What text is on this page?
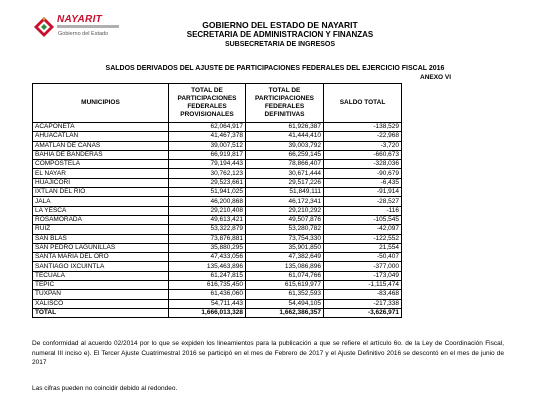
NAYARIT
Gobierno del Estado
GOBIERNO DEL ESTADO DE NAYARIT
SECRETARIA DE ADMINISTRACION Y FINANZAS
SUBSECRETARIA DE INGRESOS
SALDOS DERIVADOS DEL AJUSTE DE PARTICIPACIONES FEDERALES DEL EJERCICIO FISCAL 2016
ANEXO VI
MUNICIPIOS	TOTAL DE PARTICIPACIONES FEDERALES PROVISIONALES	TOTAL DE PARTICIPACIONES FEDERALES DEFINITIVAS	SALDO TOTAL
ACAPONETA	62,064,917	61,926,387	-138,529
AHUACATLAN	41,467,378	41,444,410	-22,968
AMATLAN DE CAÑAS	39,007,512	39,003,792	-3,720
BAHIA DE BANDERAS	66,919,817	66,259,145	-660,673
COMPOSTELA	79,194,443	78,866,407	-328,036
EL NAYAR	30,762,123	30,671,444	-90,679
HUAJICORI	29,523,661	29,517,226	-6,435
IXTLAN DEL RIO	51,941,025	51,849,111	-91,914
JALA	46,200,868	46,172,341	-28,527
LA YESCA	29,210,408	29,210,292	-116
ROSAMORADA	49,613,421	49,507,876	-105,545
RUIZ	53,322,879	53,280,782	-42,097
SAN BLAS	73,876,881	73,754,330	-122,552
SAN PEDRO LAGUNILLAS	35,880,295	35,901,850	21,554
SANTA MARIA DEL ORO	47,433,056	47,382,649	-50,407
SANTIAGO IXCUINTLA	135,463,896	135,086,896	-377,000
TECUALA	61,247,815	61,074,766	-173,049
TEPIC	616,735,450	615,619,977	-1,115,474
TUXPAN	61,436,060	61,352,593	-83,468
XALISCO	54,711,443	54,494,105	-217,338
TOTAL	1,666,013,328	1,662,386,357	-3,626,971
De conformidad al acuerdo 02/2014 por lo que se expiden los lineamientos para la publicación a que se refiere el artículo 6o. de la Ley de Coordinación Fiscal, numeral III inciso e). El Tercer Ajuste Cuatrimestral 2016 se participó en el mes de Febrero de 2017 y el Ajuste Definitivo 2016 se descontó en el mes de junio de 2017
Las cifras pueden no coincidir debido al redondeo.
